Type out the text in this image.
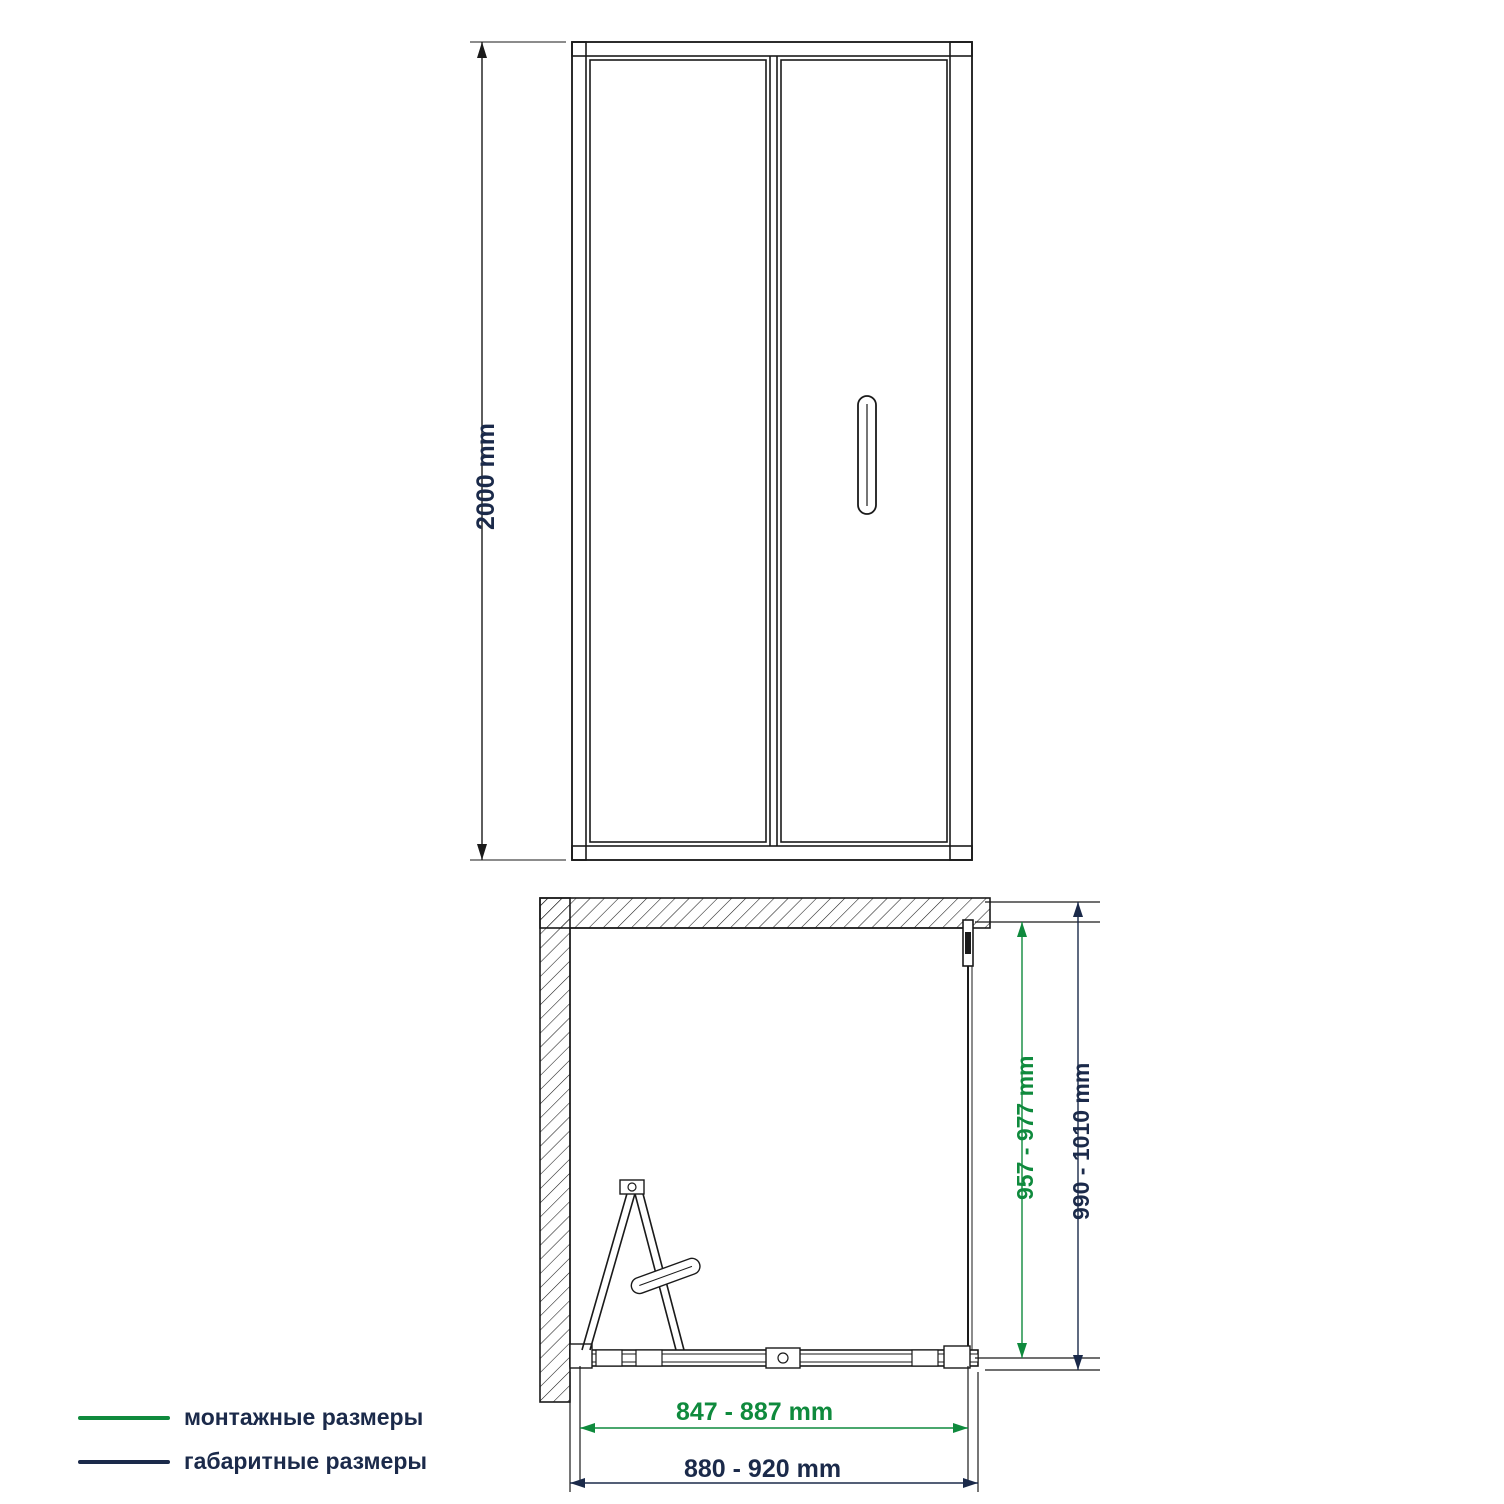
2000 mm
957 - 977 mm 990 - 1010 mm
847 - 887 mm
880 - 920 mm
монтажные размеры
габаритные размеры
